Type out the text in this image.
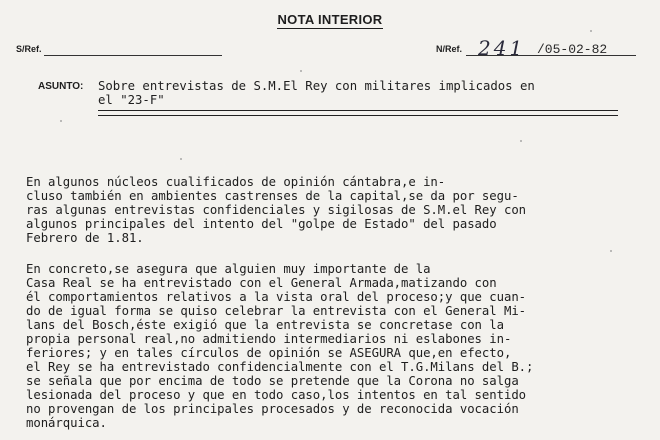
NOTA INTERIOR
S/Ref.	N/Ref. 241 /05-02-82
ASUNTO: Sobre entrevistas de S.M.El Rey con militares implicados en
el "23-F"
En algunos núcleos cualificados de opinión cántabra,e in-
cluso también en ambientes castrenses de la capital,se da por segu-
ras algunas entrevistas confidenciales y sigilosas de S.M.el Rey con
algunos principales del intento del "golpe de Estado" del pasado
Febrero de 1.81.
En concreto,se asegura que alguien muy importante de la
Casa Real se ha entrevistado con el General Armada,matizando con
él comportamientos relativos a la vista oral del proceso;y que cuan-
do de igual forma se quiso celebrar la entrevista con el General Mi-
lans del Bosch,éste exigió que la entrevista se concretase con la
propia personal real,no admitiendo intermediarios ni eslabones in-
feriores; y en tales círculos de opinión se ASEGURA que,en efecto,
el Rey se ha entrevistado confidencialmente con el T.G.Milans del B.;
se señala que por encima de todo se pretende que la Corona no salga
lesionada del proceso y que en todo caso,los intentos en tal sentido
no provengan de los principales procesados y de reconocida vocación
monárquica.
